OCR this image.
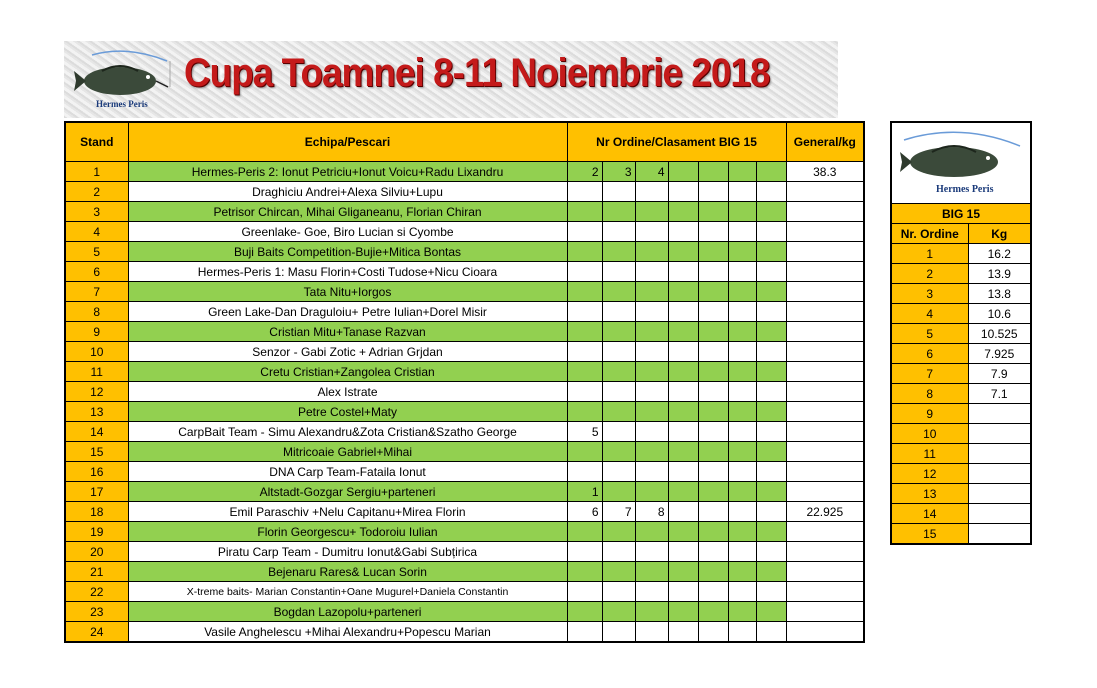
Hermes Peris
Cupa Toamnei 8-11 Noiembrie 2018
Stand	Echipa/Pescari	Nr Ordine/Clasament BIG 15							General/kg
1	Hermes-Peris 2: Ionut Petriciu+Ionut Voicu+Radu Lixandru	2	3	4					38.3
2	Draghiciu Andrei+Alexa Silviu+Lupu								
3	Petrisor Chircan, Mihai Gliganeanu, Florian Chiran								
4	Greenlake- Goe, Biro Lucian si Cyombe								
5	Buji Baits Competition-Bujie+Mitica Bontas								
6	Hermes-Peris 1: Masu Florin+Costi Tudose+Nicu Cioara								
7	Tata Nitu+Iorgos								
8	Green Lake-Dan Draguloiu+ Petre Iulian+Dorel Misir								
9	Cristian Mitu+Tanase Razvan								
10	Senzor - Gabi Zotic + Adrian Grjdan								
11	Cretu Cristian+Zangolea Cristian								
12	Alex Istrate								
13	Petre Costel+Maty								
14	CarpBait Team - Simu Alexandru&Zota Cristian&Szatho George	5							
15	Mitricoaie Gabriel+Mihai								
16	DNA Carp Team-Fataila Ionut								
17	Altstadt-Gozgar Sergiu+parteneri	1							
18	Emil Paraschiv +Nelu Capitanu+Mirea Florin	6	7	8					22.925
19	Florin Georgescu+ Todoroiu Iulian								
20	Piratu Carp Team - Dumitru Ionut&Gabi Subțirica								
21	Bejenaru Rares& Lucan Sorin								
22	X-treme baits- Marian Constantin+Oane Mugurel+Daniela Constantin								
23	Bogdan Lazopolu+parteneri								
24	Vasile Anghelescu +Mihai Alexandru+Popescu Marian								
Hermes Peris	

BIG 15	
Nr. Ordine	Kg
1	16.2
2	13.9
3	13.8
4	10.6
5	10.525
6	7.925
7	7.9
8	7.1
9	
10	
11	
12	
13	
14	
15	
